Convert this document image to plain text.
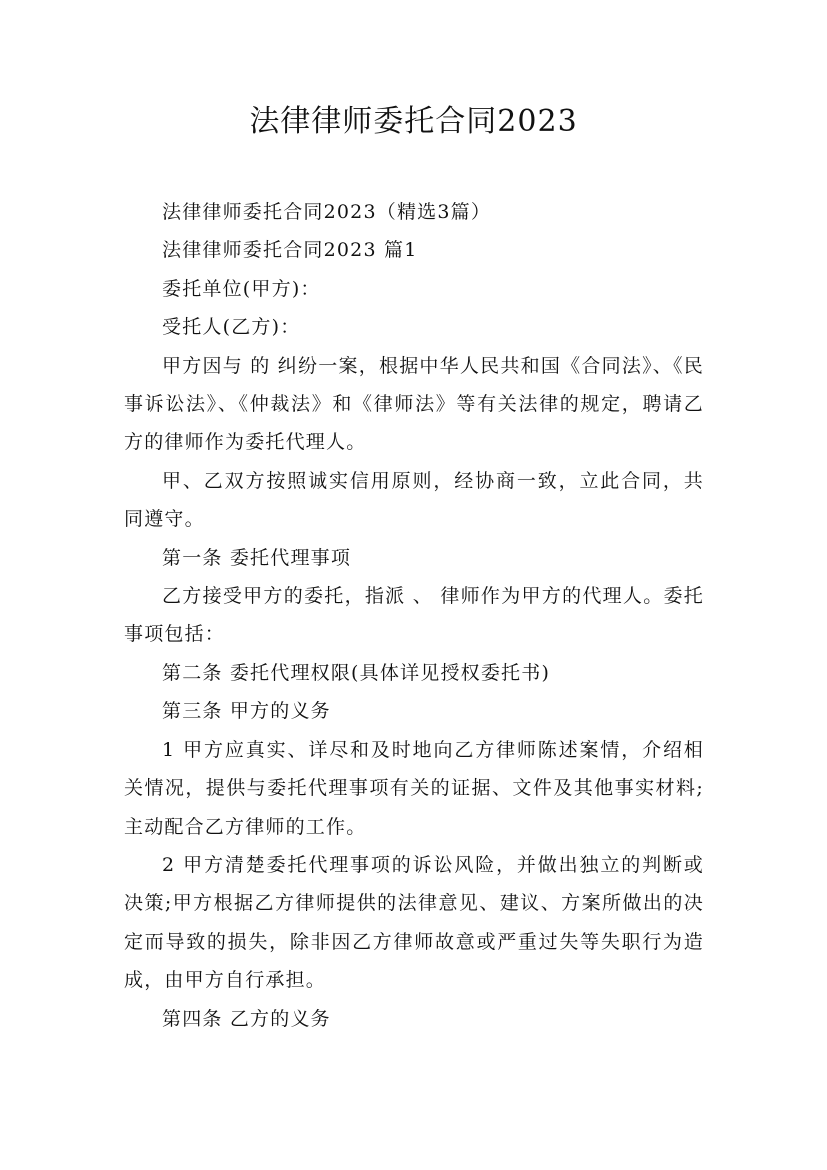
法律律师委托合同2023

法律律师委托合同2023（精选3篇）

法律律师委托合同2023 篇1

委托单位(甲方)：

受托人(乙方)：

甲方因与 的 纠纷一案，根据中华人民共和国《合同法》、《民事诉讼法》、《仲裁法》和《律师法》等有关法律的规定，聘请乙方的律师作为委托代理人。

甲、乙双方按照诚实信用原则，经协商一致，立此合同，共同遵守。

第一条 委托代理事项

乙方接受甲方的委托，指派 、 律师作为甲方的代理人。委托事项包括：

第二条 委托代理权限(具体详见授权委托书)

第三条 甲方的义务

1 甲方应真实、详尽和及时地向乙方律师陈述案情，介绍相关情况，提供与委托代理事项有关的证据、文件及其他事实材料;主动配合乙方律师的工作。

2 甲方清楚委托代理事项的诉讼风险，并做出独立的判断或决策;甲方根据乙方律师提供的法律意见、建议、方案所做出的决定而导致的损失，除非因乙方律师故意或严重过失等失职行为造成，由甲方自行承担。

第四条 乙方的义务
